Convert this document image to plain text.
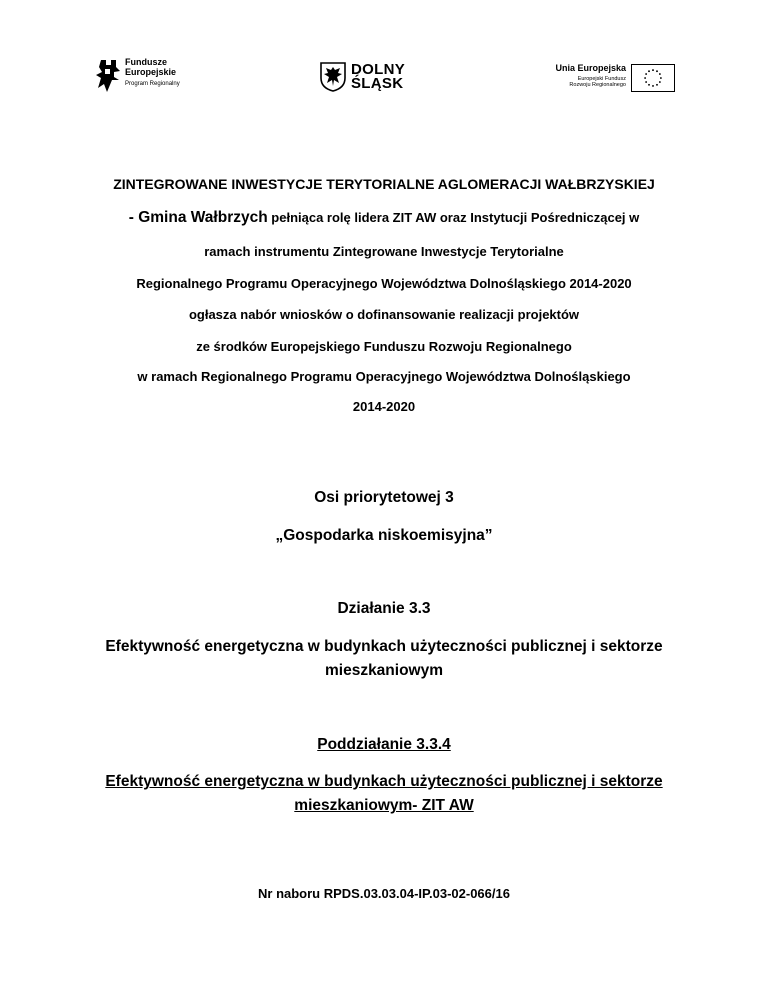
Fundusze
Europejskie
Program Regionalny
DOLNY
ŚLĄSK
Unia Europejska
Europejski Fundusz
Rozwoju Regionalnego
ZINTEGROWANE INWESTYCJE TERYTORIALNE AGLOMERACJI WAŁBRZYSKIEJ
- Gmina Wałbrzych pełniąca rolę lidera ZIT AW oraz Instytucji Pośredniczącej w
ramach instrumentu Zintegrowane Inwestycje Terytorialne
Regionalnego Programu Operacyjnego Województwa Dolnośląskiego 2014-2020
ogłasza nabór wniosków o dofinansowanie realizacji projektów
ze środków Europejskiego Funduszu Rozwoju Regionalnego
w ramach Regionalnego Programu Operacyjnego Województwa Dolnośląskiego
2014-2020
Osi priorytetowej 3
„Gospodarka niskoemisyjna”
Działanie 3.3
Efektywność energetyczna w budynkach użyteczności publicznej i sektorze
mieszkaniowym
Poddziałanie 3.3.4
Efektywność energetyczna w budynkach użyteczności publicznej i sektorze
mieszkaniowym- ZIT AW
Nr naboru RPDS.03.03.04-IP.03-02-066/16
